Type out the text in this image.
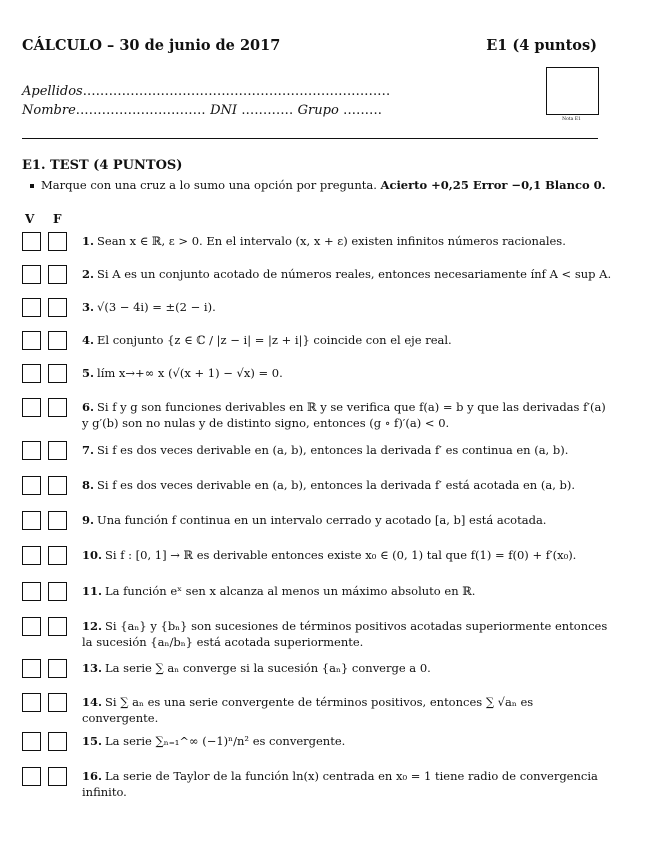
CÁLCULO – 30 de junio de 2017	E1 (4 puntos)
Apellidos.......................................................................
Nombre.............................. DNI ............ Grupo .........
Nota E1
E1. TEST (4 PUNTOS)
Marque con una cruz a lo sumo una opción por pregunta. Acierto +0,25 Error −0,1 Blanco 0.
V F
1. Sean x ∈ ℝ, ε > 0. En el intervalo (x, x + ε) existen infinitos números racionales.
2. Si A es un conjunto acotado de números reales, entonces necesariamente ínf A < sup A.
3. √(3 − 4i) = ±(2 − i).
4. El conjunto {z ∈ ℂ / |z − i| = |z + i|} coincide con el eje real.
5. lím x→+∞ x (√(x + 1) − √x) = 0.
6. Si f y g son funciones derivables en ℝ y se verifica que f(a) = b y que las derivadas f′(a) y g′(b) son no nulas y de distinto signo, entonces (g ∘ f)′(a) < 0.
7. Si f es dos veces derivable en (a, b), entonces la derivada f′ es continua en (a, b).
8. Si f es dos veces derivable en (a, b), entonces la derivada f′ está acotada en (a, b).
9. Una función f continua en un intervalo cerrado y acotado [a, b] está acotada.
10. Si f : [0, 1] → ℝ es derivable entonces existe x₀ ∈ (0, 1) tal que f(1) = f(0) + f′(x₀).
11. La función eˣ sen x alcanza al menos un máximo absoluto en ℝ.
12. Si {aₙ} y {bₙ} son sucesiones de términos positivos acotadas superiormente entonces la sucesión {aₙ/bₙ} está acotada superiormente.
13. La serie ∑ aₙ converge si la sucesión {aₙ} converge a 0.
14. Si ∑ aₙ es una serie convergente de términos positivos, entonces ∑ √aₙ es convergente.
15. La serie ∑ₙ₌₁^∞ (−1)ⁿ/n² es convergente.
16. La serie de Taylor de la función ln(x) centrada en x₀ = 1 tiene radio de convergencia infinito.
